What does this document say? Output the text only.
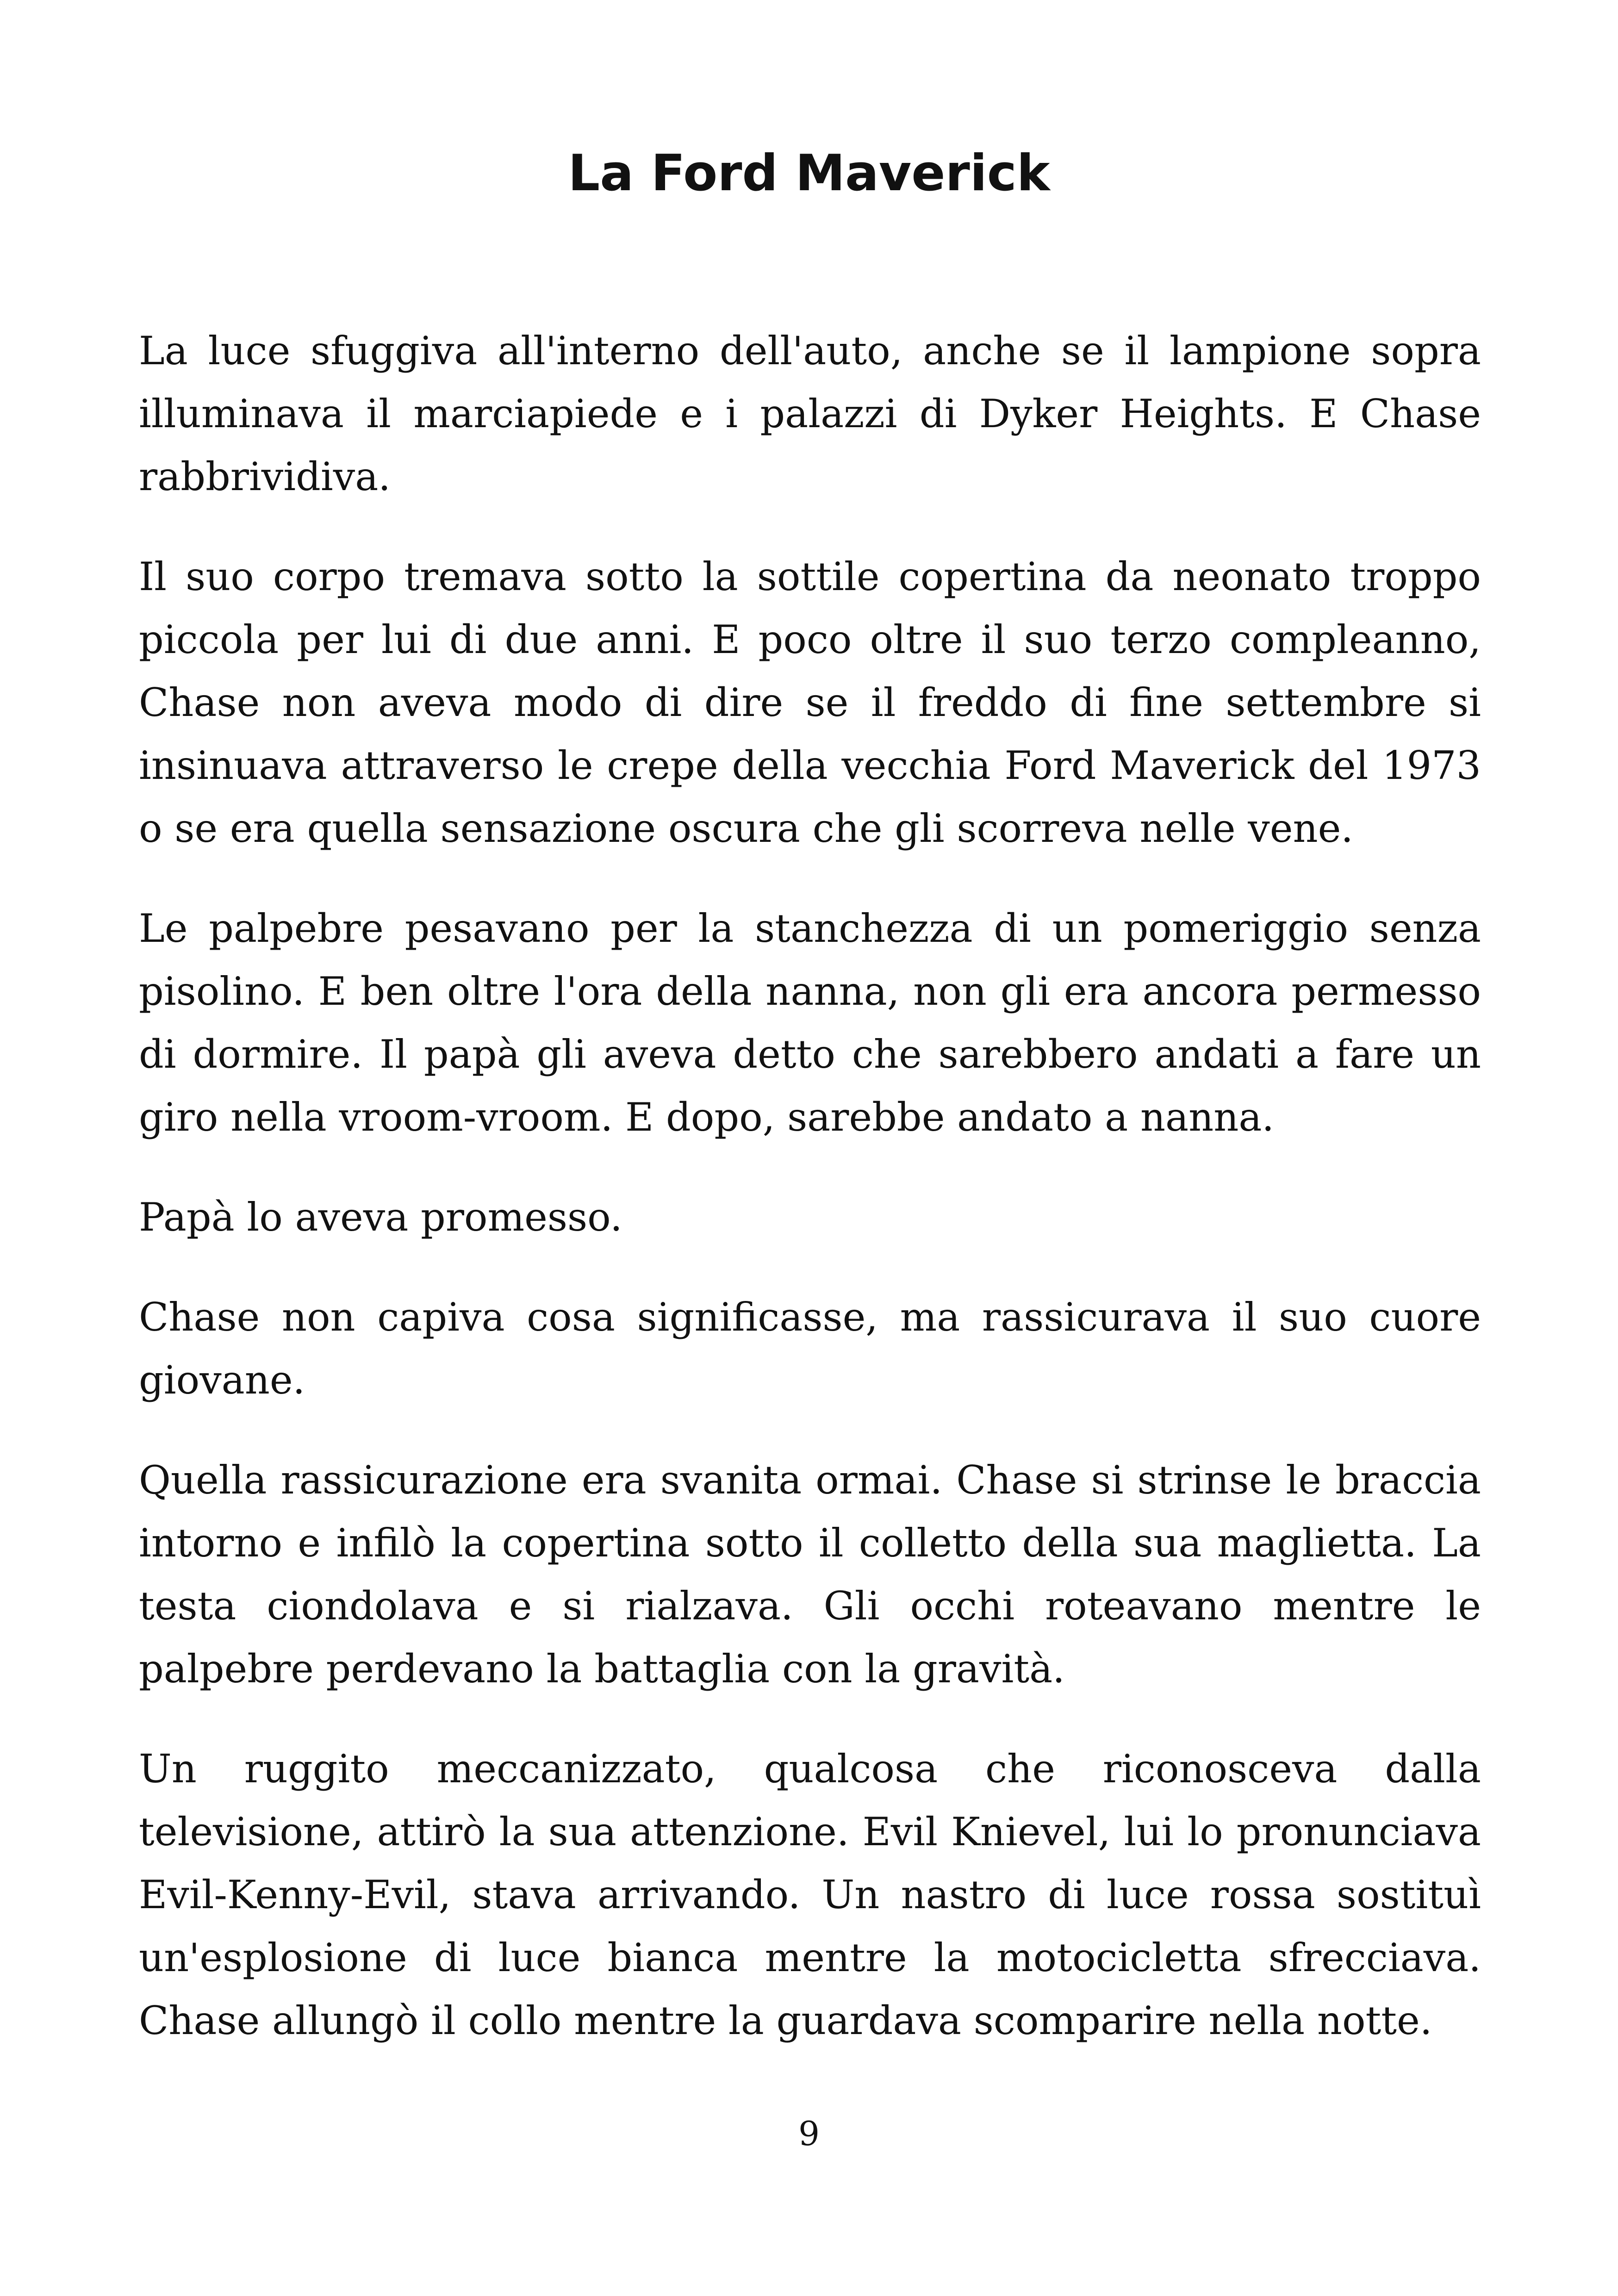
La Ford Maverick

La luce sfuggiva all'interno dell'auto, anche se il lampione sopra illuminava il marciapiede e i palazzi di Dyker Heights. E Chase rabbrividiva.

Il suo corpo tremava sotto la sottile copertina da neonato troppo piccola per lui di due anni. E poco oltre il suo terzo compleanno, Chase non aveva modo di dire se il freddo di fine settembre si insinuava attraverso le crepe della vecchia Ford Maverick del 1973 o se era quella sensazione oscura che gli scorreva nelle vene.

Le palpebre pesavano per la stanchezza di un pomeriggio senza pisolino. E ben oltre l'ora della nanna, non gli era ancora permesso di dormire. Il papà gli aveva detto che sarebbero andati a fare un giro nella vroom-vroom. E dopo, sarebbe andato a nanna.

Papà lo aveva promesso.

Chase non capiva cosa significasse, ma rassicurava il suo cuore giovane.

Quella rassicurazione era svanita ormai. Chase si strinse le braccia intorno e infilò la copertina sotto il colletto della sua maglietta. La testa ciondolava e si rialzava. Gli occhi roteavano mentre le palpebre perdevano la battaglia con la gravità.

Un ruggito meccanizzato, qualcosa che riconosceva dalla televisione, attirò la sua attenzione. Evil Knievel, lui lo pronunciava Evil-Kenny-Evil, stava arrivando. Un nastro di luce rossa sostituì un'esplosione di luce bianca mentre la motocicletta sfrecciava. Chase allungò il collo mentre la guardava scomparire nella notte.

9
